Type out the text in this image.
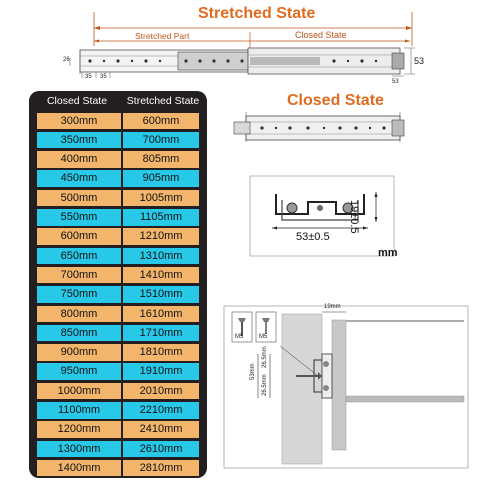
Stretched State
Stretched Part	Closed State
26
35 35
53
53
Closed State
53±0.5
19±0.5
mm
M5	M5
19mm
53mm
26.5mm
26.5mm
Closed State	Stretched State
300mm	600mm
350mm	700mm
400mm	805mm
450mm	905mm
500mm	1005mm
550mm	1105mm
600mm	1210mm
650mm	1310mm
700mm	1410mm
750mm	1510mm
800mm	1610mm
850mm	1710mm
900mm	1810mm
950mm	1910mm
1000mm	2010mm
1100mm	2210mm
1200mm	2410mm
1300mm	2610mm
1400mm	2810mm
